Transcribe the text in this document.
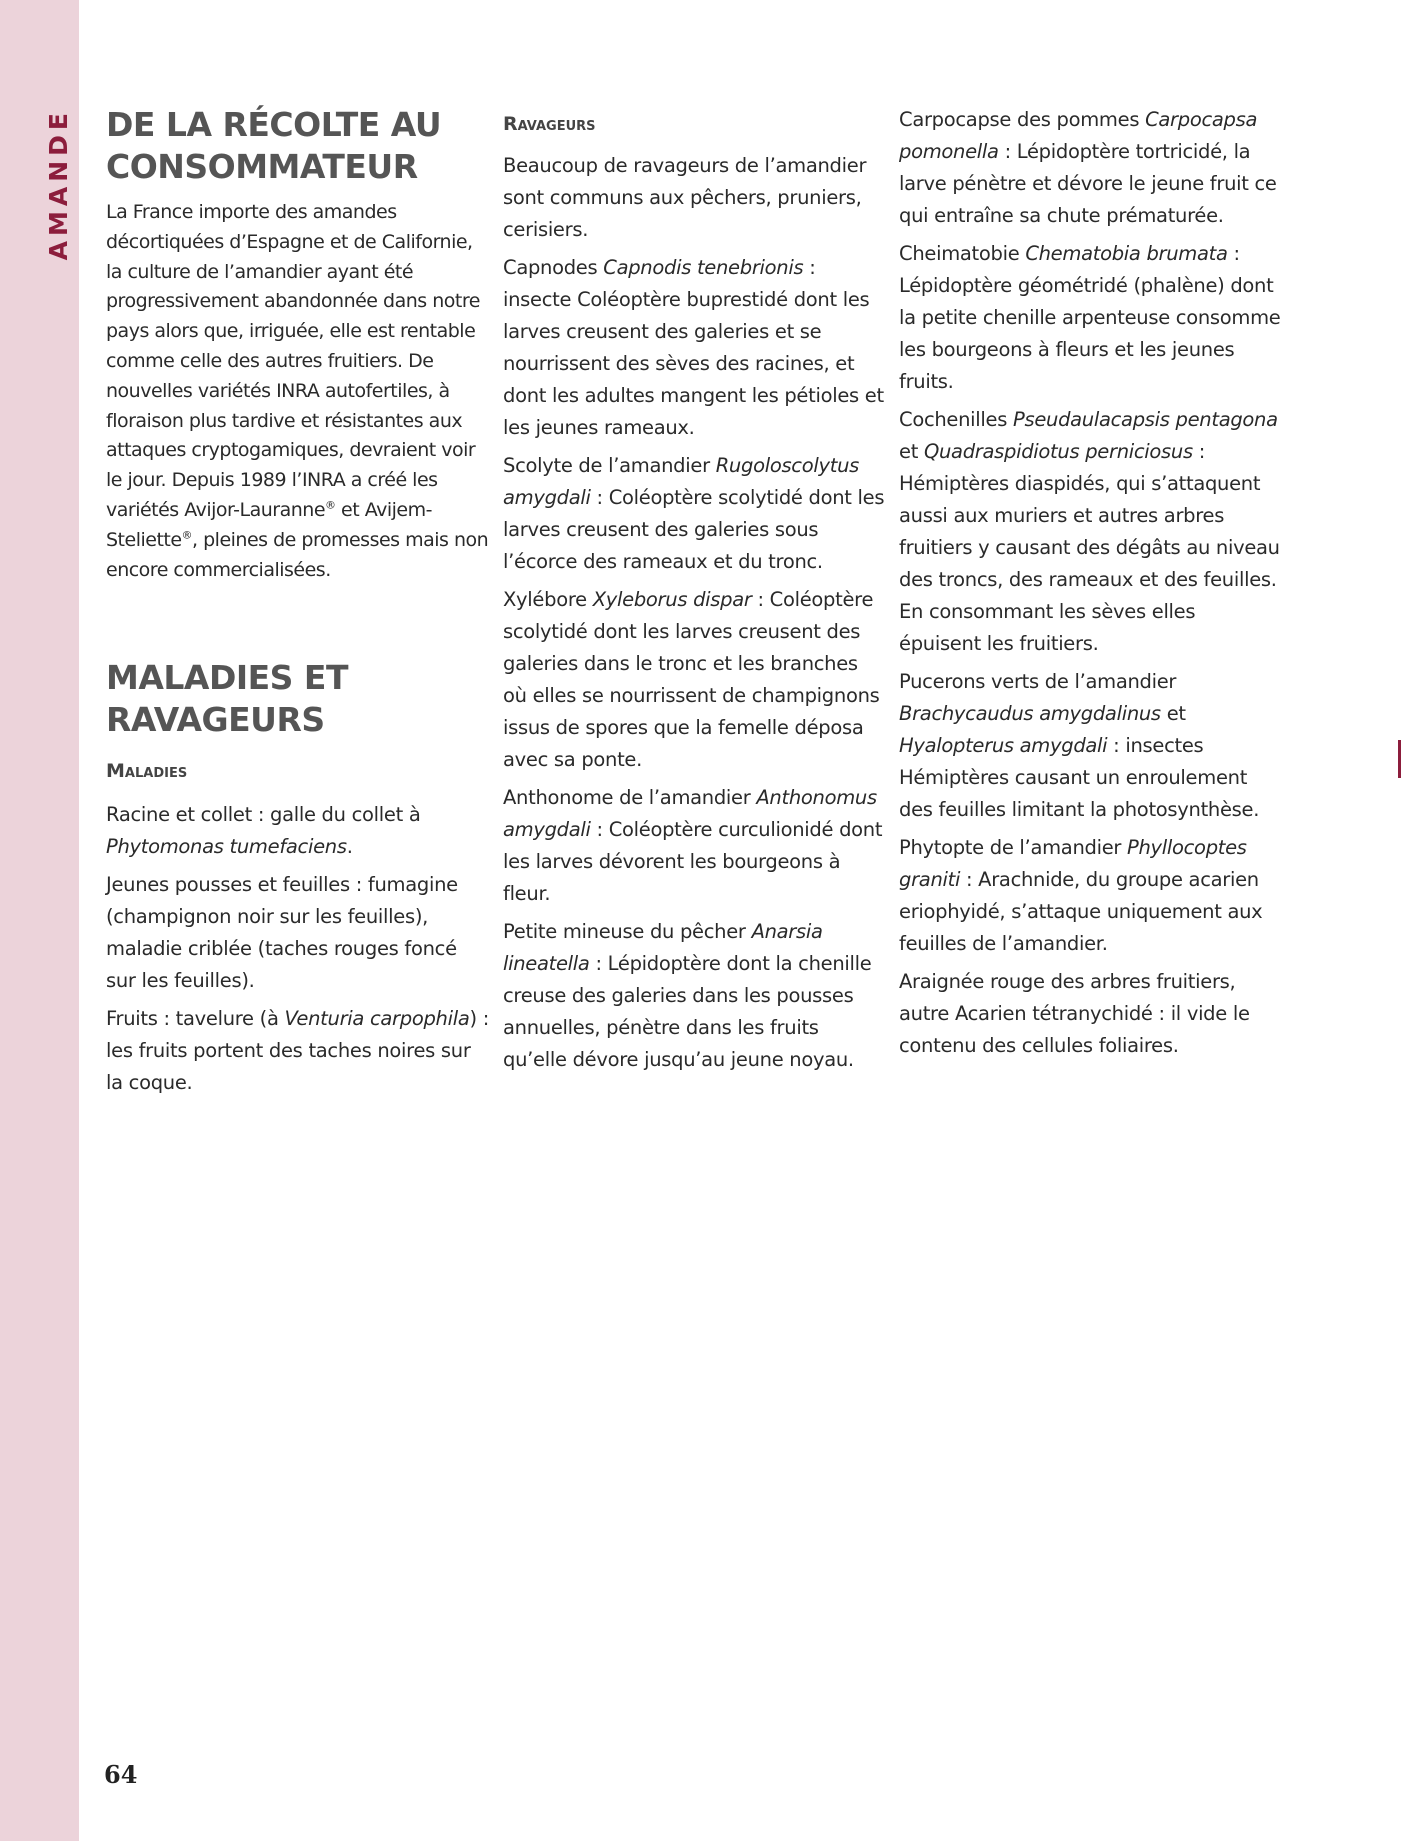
AMANDE DE LA RÉCOLTE AU CONSOMMATEUR

La France importe des amandes décortiquées d’Espagne et de Californie, la culture de l’amandier ayant été progressivement abandonnée dans notre pays alors que, irriguée, elle est rentable comme celle des autres fruitiers. De nouvelles variétés INRA autofertiles, à floraison plus tardive et résistantes aux attaques cryptogamiques, devraient voir le jour. Depuis 1989 l’INRA a créé les variétés Avijor-Lauranne® et Avijem-Steliette®, pleines de promesses mais non encore commercialisées.

MALADIES ET RAVAGEURS
Maladies

Racine et collet : galle du collet à Phytomonas tumefaciens.

Jeunes pousses et feuilles : fumagine (champignon noir sur les feuilles), maladie criblée (taches rouges foncé sur les feuilles).

Fruits : tavelure (à Venturia carpophila) : les fruits portent des taches noires sur la coque.

Ravageurs

Beaucoup de ravageurs de l’amandier sont communs aux pêchers, pruniers, cerisiers.

Capnodes Capnodis tenebrionis : insecte Coléoptère buprestidé dont les larves creusent des galeries et se nourrissent des sèves des racines, et dont les adultes mangent les pétioles et les jeunes rameaux.

Scolyte de l’amandier Rugoloscolytus amygdali : Coléoptère scolytidé dont les larves creusent des galeries sous l’écorce des rameaux et du tronc.

Xylébore Xyleborus dispar : Coléoptère scolytidé dont les larves creusent des galeries dans le tronc et les branches où elles se nourrissent de champignons issus de spores que la femelle déposa avec sa ponte.

Anthonome de l’amandier Anthonomus amygdali : Coléoptère curculionidé dont les larves dévorent les bourgeons à fleur.

Petite mineuse du pêcher Anarsia lineatella : Lépidoptère dont la chenille creuse des galeries dans les pousses annuelles, pénètre dans les fruits qu’elle dévore jusqu’au jeune noyau.

Carpocapse des pommes Carpocapsa pomonella : Lépidoptère tortricidé, la larve pénètre et dévore le jeune fruit ce qui entraîne sa chute prématurée.

Cheimatobie Chematobia brumata : Lépidoptère géométridé (phalène) dont la petite chenille arpenteuse consomme les bourgeons à fleurs et les jeunes fruits.

Cochenilles Pseudaulacapsis pentagona et Quadraspidiotus perniciosus : Hémiptères diaspidés, qui s’attaquent aussi aux muriers et autres arbres fruitiers y causant des dégâts au niveau des troncs, des rameaux et des feuilles. En consommant les sèves elles épuisent les fruitiers.

Pucerons verts de l’amandier Brachycaudus amygdalinus et Hyalopterus amygdali : insectes Hémiptères causant un enroulement des feuilles limitant la photosynthèse.

Phytopte de l’amandier Phyllocoptes graniti : Arachnide, du groupe acarien eriophyidé, s’attaque uniquement aux feuilles de l’amandier.

Araignée rouge des arbres fruitiers, autre Acarien tétranychidé : il vide le contenu des cellules foliaires.

64
